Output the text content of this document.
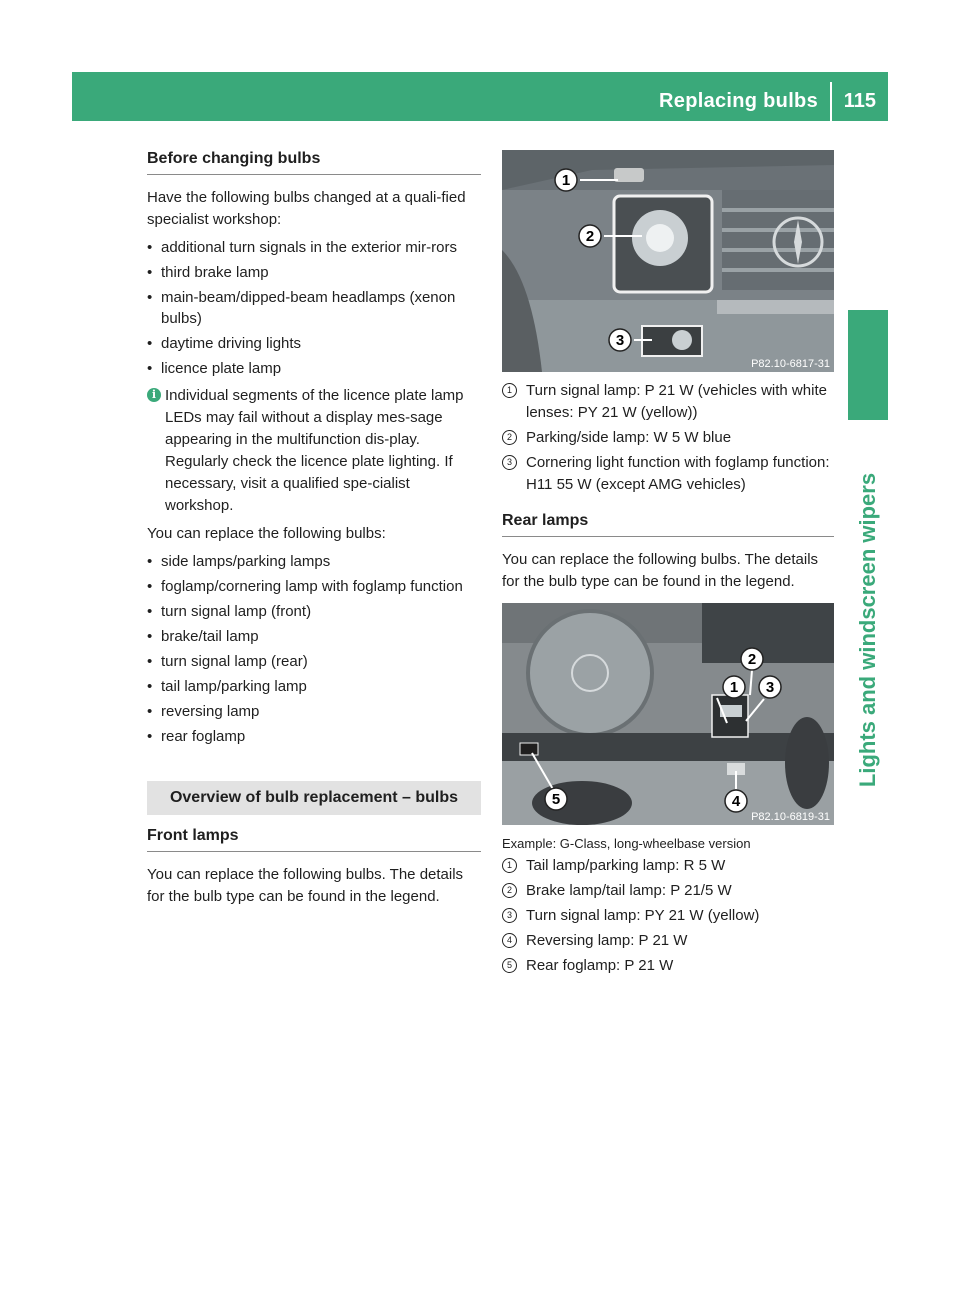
Replacing bulbs 115
Lights and windscreen wipers
Before changing bulbs

Have the following bulbs changed at a quali-fied specialist workshop:

• additional turn signals in the exterior mir-rors
• third brake lamp
• main-beam/dipped-beam headlamps (xenon bulbs)
• daytime driving lights
• licence plate lamp
i Individual segments of the licence plate lamp LEDs may fail without a display mes-sage appearing in the multifunction dis-play. Regularly check the licence plate lighting. If necessary, visit a qualified spe-cialist workshop.

You can replace the following bulbs:

• side lamps/parking lamps
• foglamp/cornering lamp with foglamp function
• turn signal lamp (front)
• brake/tail lamp
• turn signal lamp (rear)
• tail lamp/parking lamp
• reversing lamp
• rear foglamp
Overview of bulb replacement – bulbs
Front lamps

You can replace the following bulbs. The details for the bulb type can be found in the legend.

1
2
3
P82.10-6817-31
1 Turn signal lamp: P 21 W (vehicles with white lenses: PY 21 W (yellow))
2 Parking/side lamp: W 5 W blue
3 Cornering light function with foglamp function: H11 55 W (except AMG vehicles)
Rear lamps

You can replace the following bulbs. The details for the bulb type can be found in the legend.

1
2
3
4
5
P82.10-6819-31

Example: G-Class, long-wheelbase version

1 Tail lamp/parking lamp: R 5 W
2 Brake lamp/tail lamp: P 21/5 W
3 Turn signal lamp: PY 21 W (yellow)
4 Reversing lamp: P 21 W
5 Rear foglamp: P 21 W
